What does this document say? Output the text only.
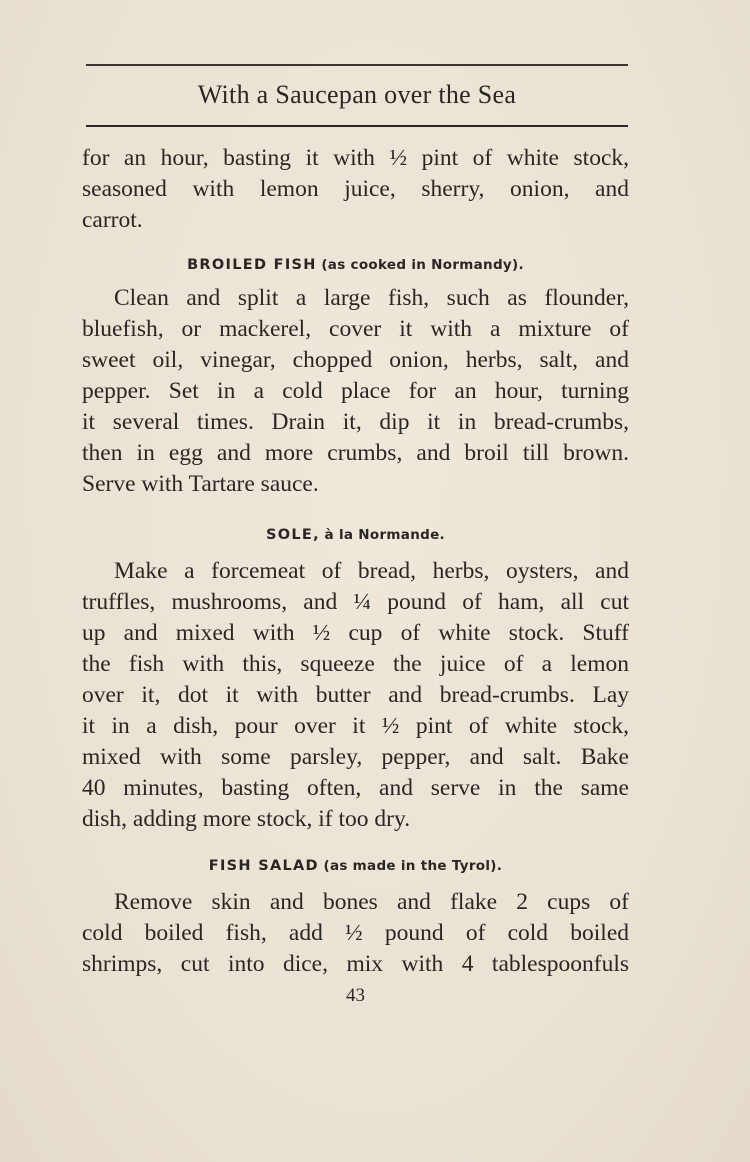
With a Saucepan over the Sea
for an hour, basting it with ½ pint of white stock,
seasoned with lemon juice, sherry, onion, and
carrot.
BROILED FISH (as cooked in Normandy).
Clean and split a large fish, such as flounder,
bluefish, or mackerel, cover it with a mixture of
sweet oil, vinegar, chopped onion, herbs, salt, and
pepper. Set in a cold place for an hour, turning
it several times. Drain it, dip it in bread-crumbs,
then in egg and more crumbs, and broil till brown.
Serve with Tartare sauce.
SOLE, à la Normande.
Make a forcemeat of bread, herbs, oysters, and
truffles, mushrooms, and ¼ pound of ham, all cut
up and mixed with ½ cup of white stock. Stuff
the fish with this, squeeze the juice of a lemon
over it, dot it with butter and bread-crumbs. Lay
it in a dish, pour over it ½ pint of white stock,
mixed with some parsley, pepper, and salt. Bake
40 minutes, basting often, and serve in the same
dish, adding more stock, if too dry.
FISH SALAD (as made in the Tyrol).
Remove skin and bones and flake 2 cups of
cold boiled fish, add ½ pound of cold boiled
shrimps, cut into dice, mix with 4 tablespoonfuls
43
